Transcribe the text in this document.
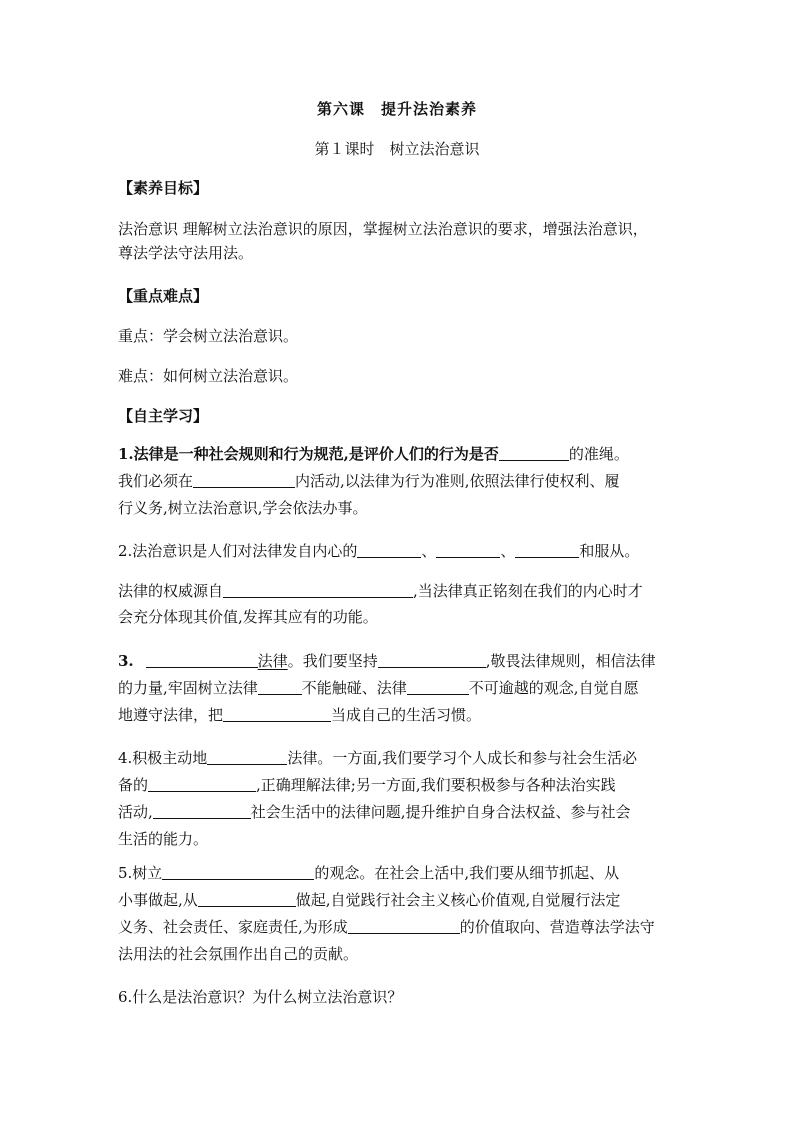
第六课　提升法治素养
第１课时　树立法治意识
【素养目标】
法治意识 理解树立法治意识的原因，掌握树立法治意识的要求，增强法治意识，
尊法学法守法用法。
【重点难点】
重点：学会树立法治意识。
难点：如何树立法治意识。
【自主学习】
1.法律是一种社会规则和行为规范,是评价人们的行为是否	的准绳。
我们必须在	内活动,以法律为行为准则,依照法律行使权利、履
行义务,树立法治意识,学会依法办事。
2.法治意识是人们对法律发自内心的	、	、	和服从。
法律的权威源自	,当法律真正铭刻在我们的内心时才
会充分体现其价值,发挥其应有的功能。
3.	法律。我们要坚持	,敬畏法律规则，相信法律
的力量,牢固树立法律	不能触碰、法律	不可逾越的观念,自觉自愿
地遵守法律，把	当成自己的生活习惯。
4.积极主动地	法律。一方面,我们要学习个人成长和参与社会生活必
备的	,正确理解法律;另一方面,我们要积极参与各种法治实践
活动,	社会生活中的法律问题,提升维护自身合法权益、参与社会
生活的能力。
5.树立	的观念。在社会上活中,我们要从细节抓起、从
小事做起,从	做起,自觉践行社会主义核心价值观,自觉履行法定
义务、社会责任、家庭责任,为形成	的价值取向、营造尊法学法守
法用法的社会氛围作出自己的贡献。
6.什么是法治意识？为什么树立法治意识？
